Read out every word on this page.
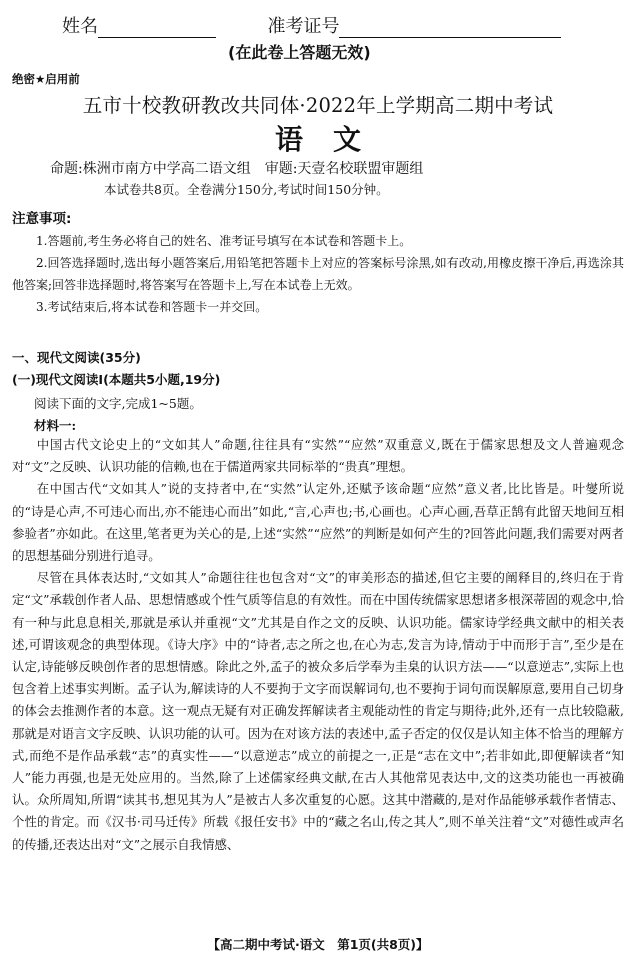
姓名	准考证号
(在此卷上答题无效)
绝密★启用前
五市十校教研教改共同体·2022年上学期高二期中考试
语文
命题:株洲市南方中学高二语文组　审题:天壹名校联盟审题组
本试卷共8页。全卷满分150分,考试时间150分钟。
注意事项:
1.答题前,考生务必将自己的姓名、准考证号填写在本试卷和答题卡上。
2.回答选择题时,选出每小题答案后,用铅笔把答题卡上对应的答案标号涂黑,如有改动,用橡皮擦干净后,再选涂其他答案;回答非选择题时,将答案写在答题卡上,写在本试卷上无效。
3.考试结束后,将本试卷和答题卡一并交回。
一、现代文阅读(35分)
(一)现代文阅读Ⅰ(本题共5小题,19分)
阅读下面的文字,完成1~5题。
材料一:

中国古代文论史上的“文如其人”命题,往往具有“实然”“应然”双重意义,既在于儒家思想及文人普遍观念对“文”之反映、认识功能的信赖,也在于儒道两家共同标举的“贵真”理想。

在中国古代“文如其人”说的支持者中,在“实然”认定外,还赋予该命题“应然”意义者,比比皆是。叶燮所说的“诗是心声,不可违心而出,亦不能违心而出”如此,“言,心声也;书,心画也。心声心画,吾草正鹄有此留天地间互相参验者”亦如此。在这里,笔者更为关心的是,上述“实然”“应然”的判断是如何产生的?回答此问题,我们需要对两者的思想基础分别进行追寻。

尽管在具体表达时,“文如其人”命题往往也包含对“文”的审美形态的描述,但它主要的阐释目的,终归在于肯定“文”承载创作者人品、思想情感或个性气质等信息的有效性。而在中国传统儒家思想诸多根深蒂固的观念中,恰有一种与此息息相关,那就是承认并重视“文”尤其是自作之文的反映、认识功能。儒家诗学经典文献中的相关表述,可谓该观念的典型体现。《诗大序》中的“诗者,志之所之也,在心为志,发言为诗,情动于中而形于言”,至少是在认定,诗能够反映创作者的思想情感。除此之外,孟子的被众多后学奉为圭臬的认识方法——“以意逆志”,实际上也包含着上述事实判断。孟子认为,解读诗的人不要拘于文字而误解词句,也不要拘于词句而误解原意,要用自己切身的体会去推测作者的本意。这一观点无疑有对正确发挥解读者主观能动性的肯定与期待;此外,还有一点比较隐蔽,那就是对语言文字反映、认识功能的认可。因为在对该方法的表述中,孟子否定的仅仅是认知主体不恰当的理解方式,而绝不是作品承载“志”的真实性——“以意逆志”成立的前提之一,正是“志在文中”;若非如此,即便解读者“知人”能力再强,也是无处应用的。当然,除了上述儒家经典文献,在古人其他常见表达中,文的这类功能也一再被确认。众所周知,所谓“读其书,想见其为人”是被古人多次重复的心愿。这其中潜藏的,是对作品能够承载作者情志、个性的肯定。而《汉书·司马迁传》所载《报任安书》中的“藏之名山,传之其人”,则不单关注着“文”对德性或声名的传播,还表达出对“文”之展示自我情感、

【高二期中考试·语文　第1页(共8页)】
